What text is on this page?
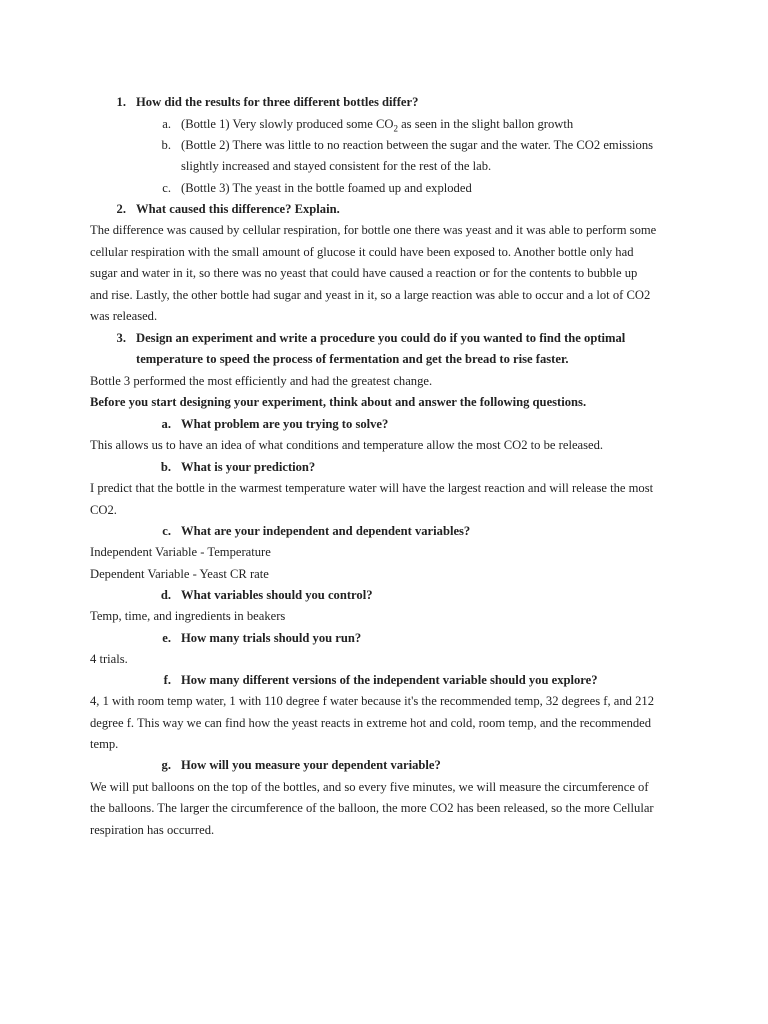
1. How did the results for three different bottles differ?
a. (Bottle 1) Very slowly produced some $CO_2$ as seen in the slight ballon growth
b. (Bottle 2) There was little to no reaction between the sugar and the water. The CO2 emissions
slightly increased and stayed consistent for the rest of the lab.
c. (Bottle 3) The yeast in the bottle foamed up and exploded
2. What caused this difference? Explain.
The difference was caused by cellular respiration, for bottle one there was yeast and it was able to perform some
cellular respiration with the small amount of glucose it could have been exposed to. Another bottle only had
sugar and water in it, so there was no yeast that could have caused a reaction or for the contents to bubble up
and rise. Lastly, the other bottle had sugar and yeast in it, so a large reaction was able to occur and a lot of CO2
was released.
3. Design an experiment and write a procedure you could do if you wanted to find the optimal
temperature to speed the process of fermentation and get the bread to rise faster.
Bottle 3 performed the most efficiently and had the greatest change.
Before you start designing your experiment, think about and answer the following questions.
a. What problem are you trying to solve?
This allows us to have an idea of what conditions and temperature allow the most CO2 to be released.
b. What is your prediction?
I predict that the bottle in the warmest temperature water will have the largest reaction and will release the most
CO2.
c. What are your independent and dependent variables?
Independent Variable - Temperature
Dependent Variable - Yeast CR rate
d. What variables should you control?
Temp, time, and ingredients in beakers
e. How many trials should you run?
4 trials.
f. How many different versions of the independent variable should you explore?
4, 1 with room temp water, 1 with 110 degree f water because it's the recommended temp, 32 degrees f, and 212
degree f. This way we can find how the yeast reacts in extreme hot and cold, room temp, and the recommended
temp.
g. How will you measure your dependent variable?
We will put balloons on the top of the bottles, and so every five minutes, we will measure the circumference of
the balloons. The larger the circumference of the balloon, the more CO2 has been released, so the more Cellular
respiration has occurred.
